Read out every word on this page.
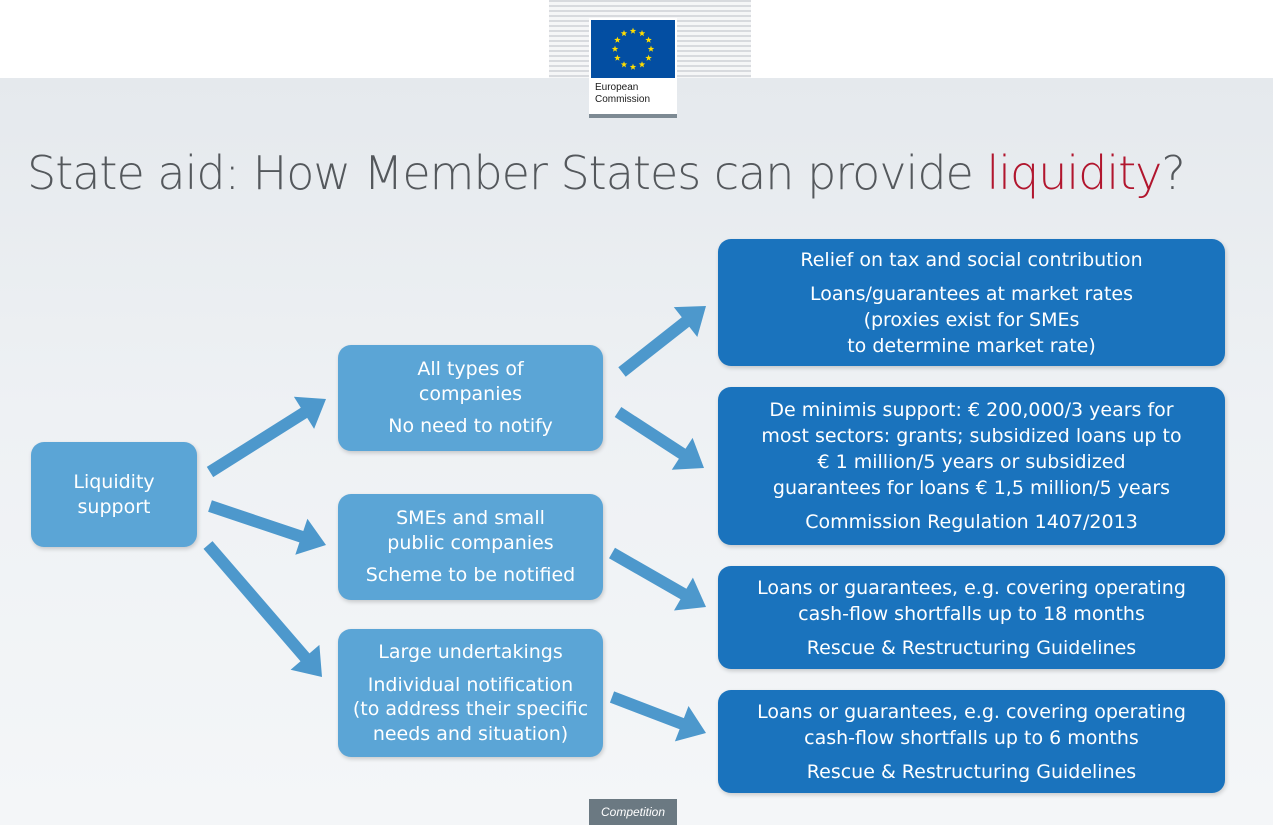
European
Commission
State aid: How Member States can provide liquidity?

Liquidity
support

All types of
companies

No need to notify

SMEs and small
public companies

Scheme to be notified

Large undertakings

Individual notification
(to address their specific
needs and situation)

Relief on tax and social contribution

Loans/guarantees at market rates
(proxies exist for SMEs
to determine market rate)

De minimis support: € 200,000/3 years for
most sectors: grants; subsidized loans up to
€ 1 million/5 years or subsidized
guarantees for loans € 1,5 million/5 years

Commission Regulation 1407/2013

Loans or guarantees, e.g. covering operating
cash-flow shortfalls up to 18 months

Rescue & Restructuring Guidelines

Loans or guarantees, e.g. covering operating
cash-flow shortfalls up to 6 months

Rescue & Restructuring Guidelines

Competition
